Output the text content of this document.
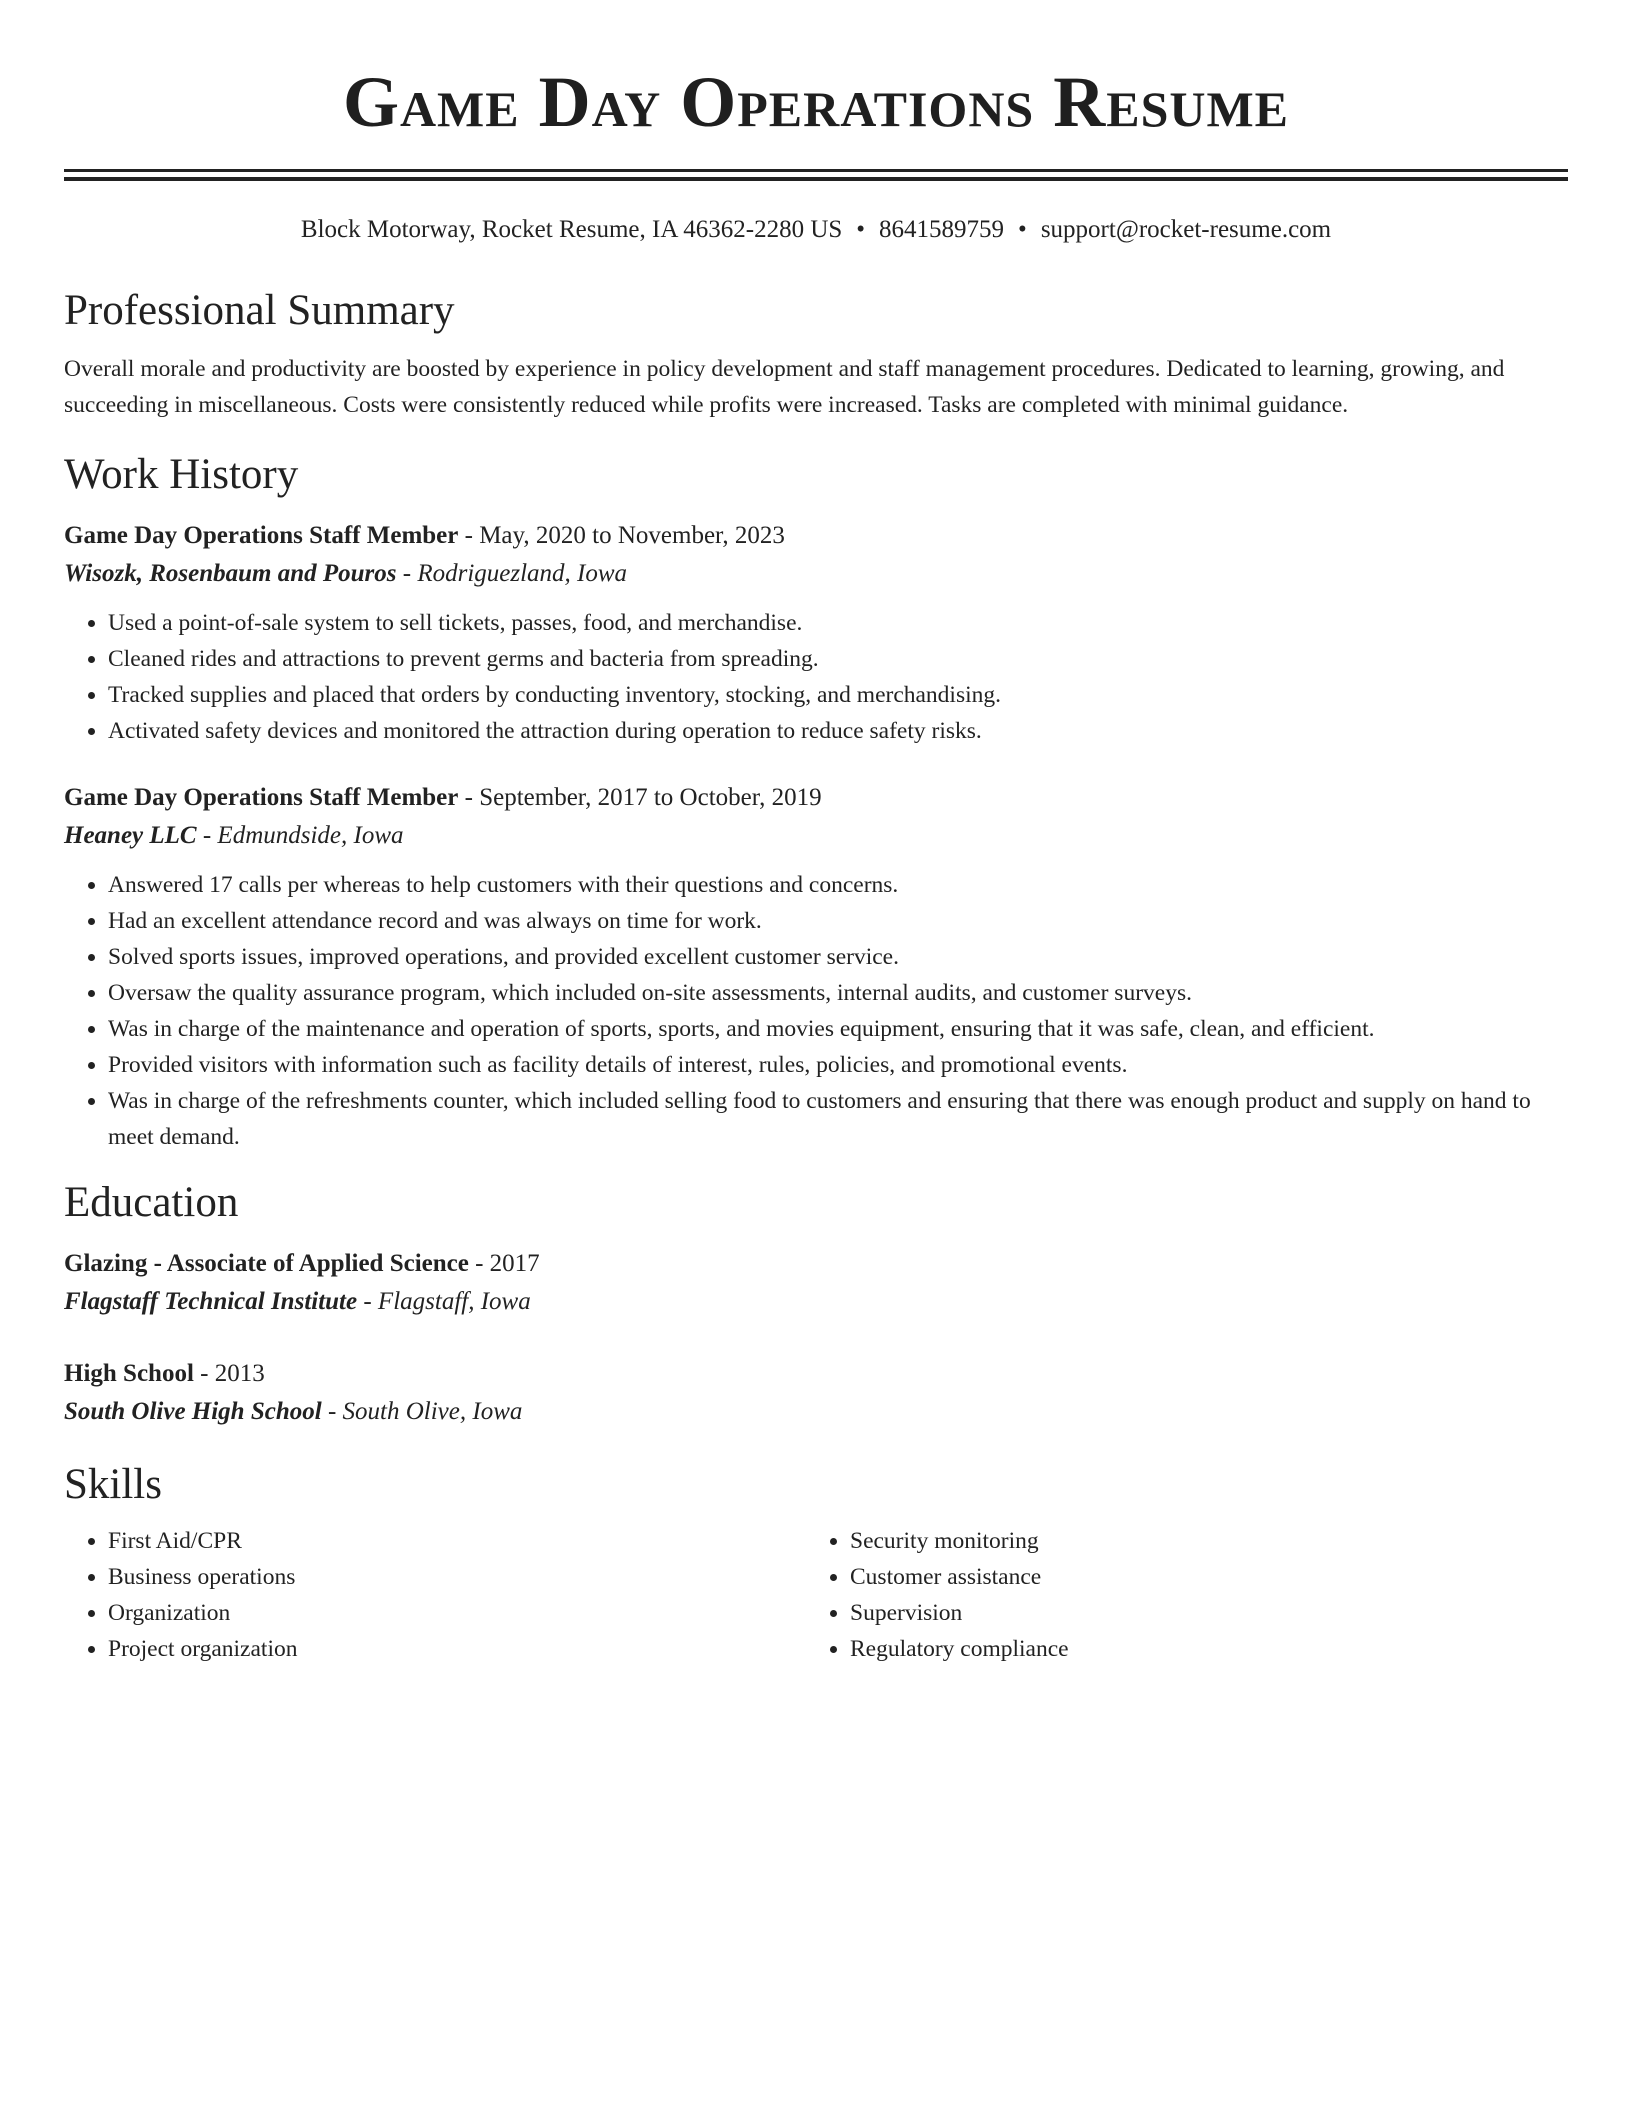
Game Day Operations Resume
Block Motorway, Rocket Resume, IA 46362-2280 US • 8641589759 • support@rocket-resume.com
Professional Summary

Overall morale and productivity are boosted by experience in policy development and staff management procedures. Dedicated to learning, growing, and succeeding in miscellaneous. Costs were consistently reduced while profits were increased. Tasks are completed with minimal guidance.

Work History
Game Day Operations Staff Member - May, 2020 to November, 2023
Wisozk, Rosenbaum and Pouros - Rodriguezland, Iowa
• Used a point-of-sale system to sell tickets, passes, food, and merchandise.
• Cleaned rides and attractions to prevent germs and bacteria from spreading.
• Tracked supplies and placed that orders by conducting inventory, stocking, and merchandising.
• Activated safety devices and monitored the attraction during operation to reduce safety risks.
Game Day Operations Staff Member - September, 2017 to October, 2019
Heaney LLC - Edmundside, Iowa
• Answered 17 calls per whereas to help customers with their questions and concerns.
• Had an excellent attendance record and was always on time for work.
• Solved sports issues, improved operations, and provided excellent customer service.
• Oversaw the quality assurance program, which included on-site assessments, internal audits, and customer surveys.
• Was in charge of the maintenance and operation of sports, sports, and movies equipment, ensuring that it was safe, clean, and efficient.
• Provided visitors with information such as facility details of interest, rules, policies, and promotional events.
• Was in charge of the refreshments counter, which included selling food to customers and ensuring that there was enough product and supply on hand to meet demand.
Education
Glazing - Associate of Applied Science - 2017
Flagstaff Technical Institute - Flagstaff, Iowa
High School - 2013
South Olive High School - South Olive, Iowa
Skills
• First Aid/CPR
• Business operations
• Organization
• Project organization
• Security monitoring
• Customer assistance
• Supervision
• Regulatory compliance
